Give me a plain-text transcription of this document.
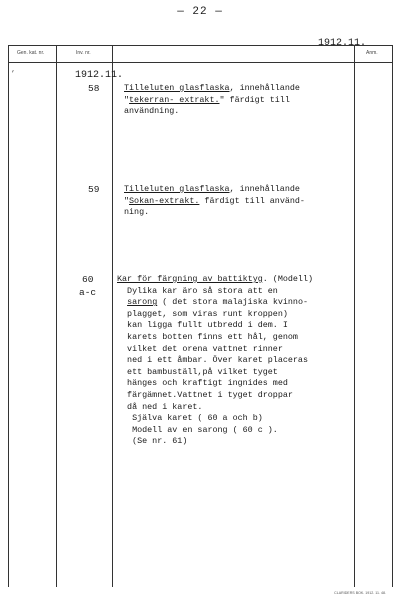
— 22 —
1912.11.
Gen. kat. nr.	Inv. nr.	Anm.
‚	1912.11.
58	Tilleluten glasflaska, innehållande
"tekerran- extrakt." färdigt till
användning.
59	Tilleluten glasflaska, innehållande
"Sokan-extrakt. färdigt till använd-
ning.
60
a-c
Kar för färgning av battiktyg. (Modell)
Dylika kar äro så stora att en
sarong ( det stora malajiska kvinno-
plagget, som viras runt kroppen)
kan ligga fullt utbredd i dem. I
karets botten finns ett hål, genom
vilket det orena vattnet rinner
ned i ett åmbar. Över karet placeras
ett bambuställ,på vilket tyget
hänges och kraftigt ingnides med
färgämnet.Vattnet i tyget droppar
då ned i karet.
Själva karet ( 60 a och b)
Modell av en sarong ( 60 c ).
(Se nr. 61)
CLARIDERS BOK. 1912. 11. 48.
